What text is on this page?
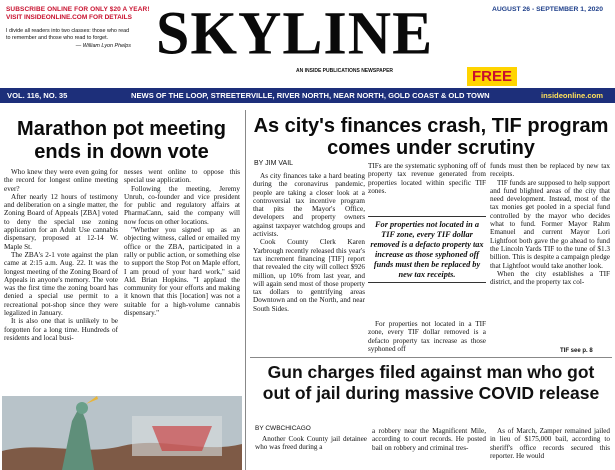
SUBSCRIBE ONLINE FOR ONLY $20 A YEAR!
VISIT INSIDEONLINE.COM FOR DETAILS
I divide all readers into two classes: those who read to remember and those who read to forget.
— William Lyon Phelps SKYLINE
AN INSIDE PUBLICATIONS NEWSPAPER
AUGUST 26 - SEPTEMBER 1, 2020
FREE
VOL. 116, NO. 35	NEWS OF THE LOOP, STREETERVILLE, RIVER NORTH, NEAR NORTH, GOLD COAST & OLD TOWN	insideonline.com
Marathon pot meeting ends in down vote

Who knew they were even going for the record for longest online meeting ever?

After nearly 12 hours of testimony and deliberation on a single matter, the Zoning Board of Appeals [ZBA] voted to deny the special use zoning application for an Adult Use cannabis dispensary, proposed at 12-14 W. Maple St.

The ZBA's 2-1 vote against the plan came at 2:15 a.m. Aug. 22. It was the longest meeting of the Zoning Board of Appeals in anyone's memory. The vote was the first time the zoning board has denied a special use permit to a recreational pot-shop since they were legalized in January.

It is also one that is unlikely to be forgotten for a long time. Hundreds of residents and local busi-

nesses went online to oppose this special use application.

Following the meeting, Jeremy Unruh, co-founder and vice president for public and regulatory affairs at PharmaCann, said the company will now focus on other locations.

"Whether you signed up as an objecting witness, called or emailed my office or the ZBA, participated in a rally or public action, or something else to support the Stop Pot on Maple effort, I am proud of your hard work," said Ald. Brian Hopkins. "I applaud the community for your efforts and making it known that this [location] was not a suitable for a high-volume cannabis dispensary."

As city's finances crash, TIF program comes under scrutiny
BY JIM VAIL

As city finances take a hard beating during the coronavirus pandemic, people are taking a closer look at a controversial tax incentive program that pits the Mayor's Office, developers and property owners against taxpayer watchdog groups and activists.

Cook County Clerk Karen Yarbrough recently released this year's tax increment financing [TIF] report that revealed the city will collect $926 million, up 10% from last year, and will again send most of those property tax dollars to gentrifying areas Downtown and on the North, and near South Sides.

TIFs are the systematic syphoning off of property tax revenue generated from properties located within specific TIF zones.

For properties not located in a TIF zone, every TIF dollar removed is a defacto property tax increase as those syphoned off funds must then be replaced by new tax receipts.

For properties not located in a TIF zone, every TIF dollar removed is a defacto property tax increase as those syphoned off

funds must then be replaced by new tax receipts.

TIF funds are supposed to help support and fund blighted areas of the city that need development. Instead, most of the tax monies get pooled in a special fund controlled by the mayor who decides what to fund. Former Mayor Rahm Emanuel and current Mayor Lori Lightfoot both gave the go ahead to fund the Lincoln Yards TIF to the tune of $1.3 billion. This is despite a campaign pledge that Lightfoot would take another look.

When the city establishes a TIF district, and the property tax col-

TIF see p. 8
Gun charges filed against man who got out of jail during massive COVID release
BY CWBCHICAGO

Another Cook County jail detainee who was freed during a

a robbery near the Magnificent Mile, according to court records. He posted bail on robbery and criminal tres-

As of March, Zamper remained jailed in lieu of $175,000 bail, according to sheriff's office records secured this reporter. He would
